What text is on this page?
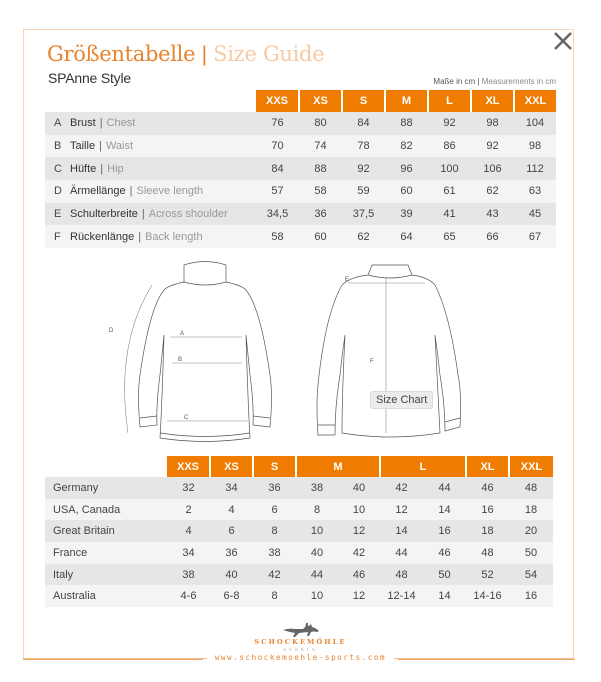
Größentabelle | Size Guide
SPAnne Style	Maße in cm | Measurements in cm
	XXS	XS	S	M	L	XL	XXL
A Brust | Chest	76	80	84	88	92	98	104
B Taille | Waist	70	74	78	82	86	92	98
C Hüfte | Hip	84	88	92	96	100	106	112
D Ärmellänge | Sleeve length	57	58	59	60	61	62	63
E Schulterbreite | Across shoulder	34,5	36	37,5	39	41	43	45
F Rückenlänge | Back length	58	60	62	64	65	66	67
A
B
C
D
E
F
Size Chart
	XXS	XS	S	M		L		XL	XXL
Germany	32	34	36	38	40	42	44	46	48
USA, Canada	2	4	6	8	10	12	14	16	18
Great Britain	4	6	8	10	12	14	16	18	20
France	34	36	38	40	42	44	46	48	50
Italy	38	40	42	44	46	48	50	52	54
Australia	4-6	6-8	8	10	12	12-14	14	14-16	16
SCHOCKEMÖHLE
SPORTS
www.schockemoehle-sports.com
